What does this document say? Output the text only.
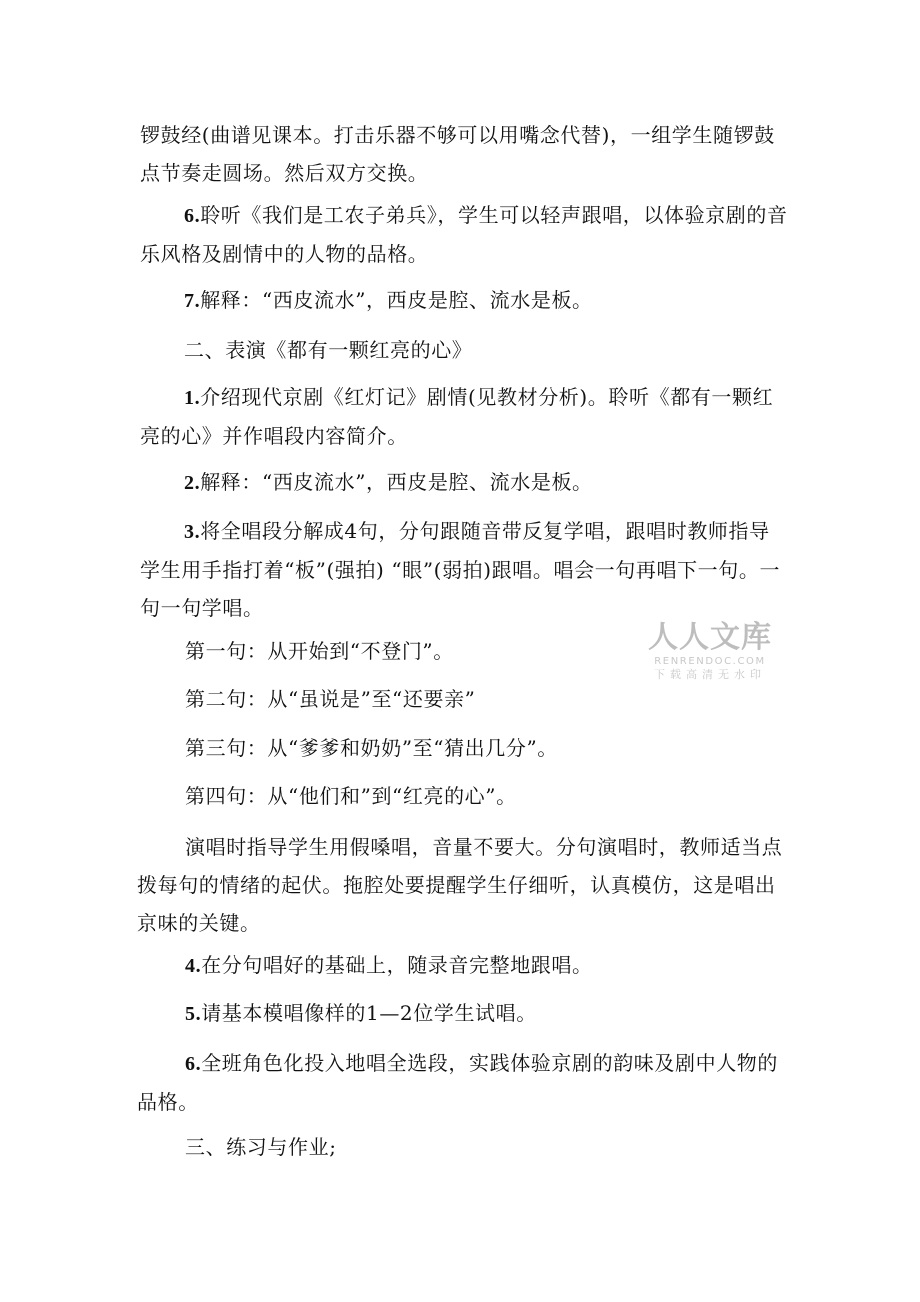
锣鼓经(曲谱见课本。打击乐器不够可以用嘴念代替)，一组学生随锣鼓点节奏走圆场。然后双方交换。
6.聆听《我们是工农子弟兵》，学生可以轻声跟唱，以体验京剧的音乐风格及剧情中的人物的品格。
7.解释：“西皮流水”，西皮是腔、流水是板。
二、表演《都有一颗红亮的心》
1.介绍现代京剧《红灯记》剧情(见教材分析)。聆听《都有一颗红亮的心》并作唱段内容简介。
2.解释：“西皮流水”，西皮是腔、流水是板。
3.将全唱段分解成4句，分句跟随音带反复学唱，跟唱时教师指导学生用手指打着“板”(强拍) “眼”(弱拍)跟唱。唱会一句再唱下一句。一句一句学唱。
第一句：从开始到“不登门”。
第二句：从“虽说是”至“还要亲”
第三句：从“爹爹和奶奶”至“猜出几分”。
第四句：从“他们和”到“红亮的心”。
演唱时指导学生用假嗓唱，音量不要大。分句演唱时，教师适当点拨每句的情绪的起伏。拖腔处要提醒学生仔细听，认真模仿，这是唱出京味的关键。
4.在分句唱好的基础上，随录音完整地跟唱。
5.请基本模唱像样的1—2位学生试唱。
6.全班角色化投入地唱全选段，实践体验京剧的韵味及剧中人物的品格。
三、练习与作业;
人人文库
RENRENDOC.COM
下载高清无水印
